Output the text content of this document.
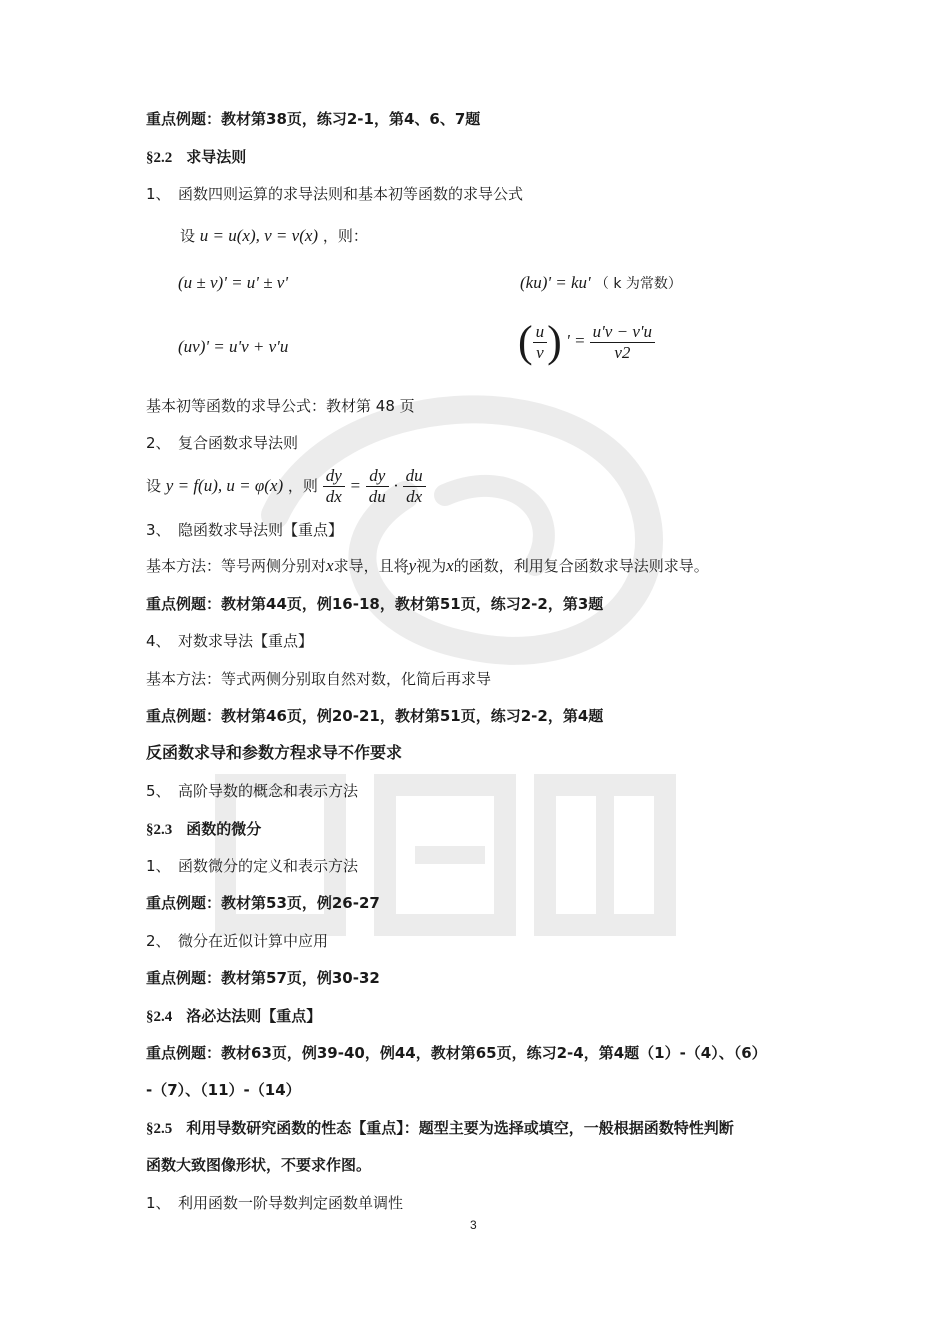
重点例题：教材第38页，练习2-1，第4、6、7题
§2.2 求导法则
1、 函数四则运算的求导法则和基本初等函数的求导公式
设 u = u(x), v = v(x) ，则：
(u ± v)' = u' ± v'	(ku)' = ku' （ k 为常数）
(uv)' = u'v + v'u	( $\frac{u}{v}$ ) ' = $\frac{u'v - v'u}{v2}$
基本初等函数的求导公式：教材第 48 页
2、 复合函数求导法则
设 y = f(u), u = φ(x) ，则 $\frac{dy}{dx} = \frac{dy}{du} \cdot \frac{du}{dx}$
3、 隐函数求导法则【重点】
基本方法：等号两侧分别对x求导，且将y视为x的函数，利用复合函数求导法则求导。
重点例题：教材第44页，例16-18，教材第51页，练习2-2，第3题
4、 对数求导法【重点】
基本方法：等式两侧分别取自然对数，化简后再求导
重点例题：教材第46页，例20-21，教材第51页，练习2-2，第4题
反函数求导和参数方程求导不作要求
5、 高阶导数的概念和表示方法
§2.3 函数的微分
1、 函数微分的定义和表示方法
重点例题：教材第53页，例26-27
2、 微分在近似计算中应用
重点例题：教材第57页，例30-32
§2.4 洛必达法则【重点】
重点例题：教材63页，例39-40，例44，教材第65页，练习2-4，第4题（1）-（4）、（6）
-（7）、（11）-（14）
§2.5 利用导数研究函数的性态【重点】：题型主要为选择或填空，一般根据函数特性判断
函数大致图像形状，不要求作图。
1、 利用函数一阶导数判定函数单调性
3
